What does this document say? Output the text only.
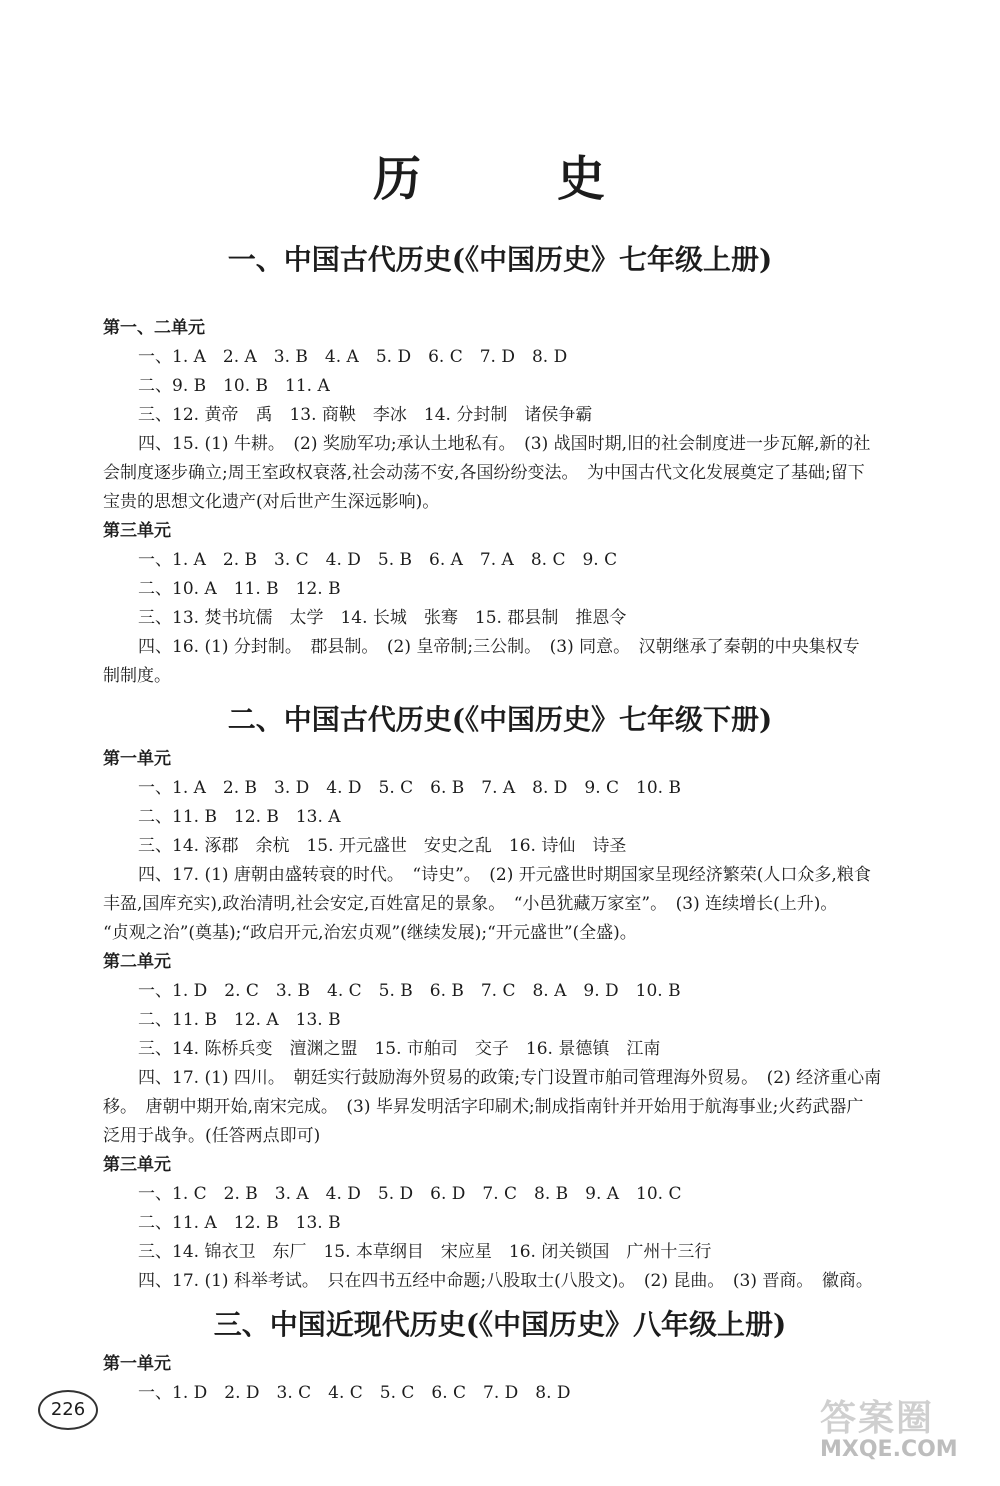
历　史
一、中国古代历史(《中国历史》七年级上册)
第一、二单元
一、1. A　2. A　3. B　4. A　5. D　6. C　7. D　8. D
二、9. B　10. B　11. A
三、12. 黄帝　禹　13. 商鞅　李冰　14. 分封制　诸侯争霸
四、15. (1) 牛耕。　(2) 奖励军功;承认土地私有。　(3) 战国时期,旧的社会制度进一步瓦解,新的社
会制度逐步确立;周王室政权衰落,社会动荡不安,各国纷纷变法。　为中国古代文化发展奠定了基础;留下
宝贵的思想文化遗产(对后世产生深远影响)。
第三单元
一、1. A　2. B　3. C　4. D　5. B　6. A　7. A　8. C　9. C
二、10. A　11. B　12. B
三、13. 焚书坑儒　太学　14. 长城　张骞　15. 郡县制　推恩令
四、16. (1) 分封制。　郡县制。　(2) 皇帝制;三公制。　(3) 同意。　汉朝继承了秦朝的中央集权专
制制度。
二、中国古代历史(《中国历史》七年级下册)
第一单元
一、1. A　2. B　3. D　4. D　5. C　6. B　7. A　8. D　9. C　10. B
二、11. B　12. B　13. A
三、14. 涿郡　余杭　15. 开元盛世　安史之乱　16. 诗仙　诗圣
四、17. (1) 唐朝由盛转衰的时代。　“诗史”。　(2) 开元盛世时期国家呈现经济繁荣(人口众多,粮食
丰盈,国库充实),政治清明,社会安定,百姓富足的景象。　“小邑犹藏万家室”。　(3) 连续增长(上升)。
“贞观之治”(奠基);“政启开元,治宏贞观”(继续发展);“开元盛世”(全盛)。
第二单元
一、1. D　2. C　3. B　4. C　5. B　6. B　7. C　8. A　9. D　10. B
二、11. B　12. A　13. B
三、14. 陈桥兵变　澶渊之盟　15. 市舶司　交子　16. 景德镇　江南
四、17. (1) 四川。　朝廷实行鼓励海外贸易的政策;专门设置市舶司管理海外贸易。　(2) 经济重心南
移。　唐朝中期开始,南宋完成。　(3) 毕昇发明活字印刷术;制成指南针并开始用于航海事业;火药武器广
泛用于战争。(任答两点即可)
第三单元
一、1. C　2. B　3. A　4. D　5. D　6. D　7. C　8. B　9. A　10. C
二、11. A　12. B　13. B
三、14. 锦衣卫　东厂　15. 本草纲目　宋应星　16. 闭关锁国　广州十三行
四、17. (1) 科举考试。　只在四书五经中命题;八股取士(八股文)。　(2) 昆曲。　(3) 晋商。　徽商。
三、中国近现代历史(《中国历史》八年级上册)
第一单元
一、1. D　2. D　3. C　4. C　5. C　6. C　7. D　8. D
226	答案圈
MXQE.COM
